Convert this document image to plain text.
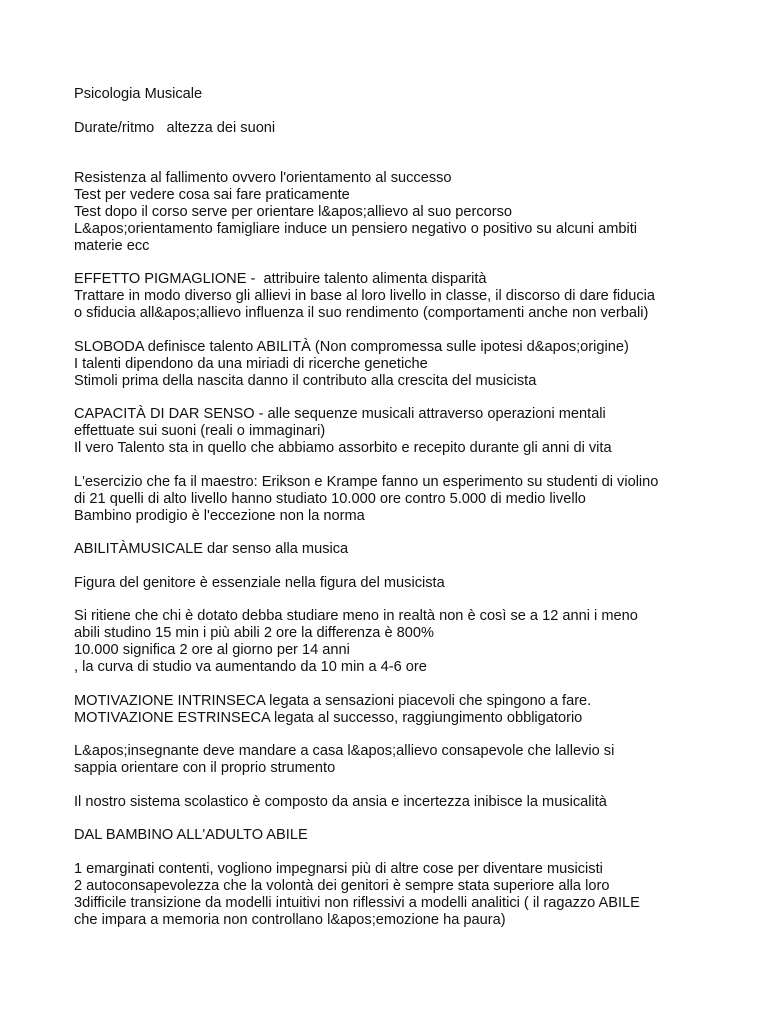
Psicologia Musicale
Durate/ritmo   altezza dei suoni
Resistenza al fallimento ovvero l'orientamento al successo
Test per vedere cosa sai fare praticamente
Test dopo il corso serve per orientare l&apos;allievo al suo percorso
L&apos;orientamento famigliare induce un pensiero negativo o positivo su alcuni ambiti
materie ecc
EFFETTO PIGMAGLIONE -  attribuire talento alimenta disparità
Trattare in modo diverso gli allievi in base al loro livello in classe, il discorso di dare fiducia
o sfiducia all&apos;allievo influenza il suo rendimento (comportamenti anche non verbali)
SLOBODA definisce talento ABILITÀ (Non compromessa sulle ipotesi d&apos;origine)
I talenti dipendono da una miriadi di ricerche genetiche
Stimoli prima della nascita danno il contributo alla crescita del musicista
CAPACITÀ DI DAR SENSO - alle sequenze musicali attraverso operazioni mentali
effettuate sui suoni (reali o immaginari)
Il vero Talento sta in quello che abbiamo assorbito e recepito durante gli anni di vita
L'esercizio che fa il maestro: Erikson e Krampe fanno un esperimento su studenti di violino
di 21 quelli di alto livello hanno studiato 10.000 ore contro 5.000 di medio livello
Bambino prodigio è l'eccezione non la norma
ABILITÀMUSICALE dar senso alla musica
Figura del genitore è essenziale nella figura del musicista
Si ritiene che chi è dotato debba studiare meno in realtà non è così se a 12 anni i meno
abili studino 15 min i più abili 2 ore la differenza è 800%
10.000 significa 2 ore al giorno per 14 anni
, la curva di studio va aumentando da 10 min a 4-6 ore
MOTIVAZIONE INTRINSECA legata a sensazioni piacevoli che spingono a fare.
MOTIVAZIONE ESTRINSECA legata al successo, raggiungimento obbligatorio
L&apos;insegnante deve mandare a casa l&apos;allievo consapevole che lallevio si
sappia orientare con il proprio strumento
Il nostro sistema scolastico è composto da ansia e incertezza inibisce la musicalità
DAL BAMBINO ALL'ADULTO ABILE
1 emarginati contenti, vogliono impegnarsi più di altre cose per diventare musicisti
2 autoconsapevolezza che la volontà dei genitori è sempre stata superiore alla loro
3difficile transizione da modelli intuitivi non riflessivi a modelli analitici ( il ragazzo ABILE
che impara a memoria non controllano l&apos;emozione ha paura)
